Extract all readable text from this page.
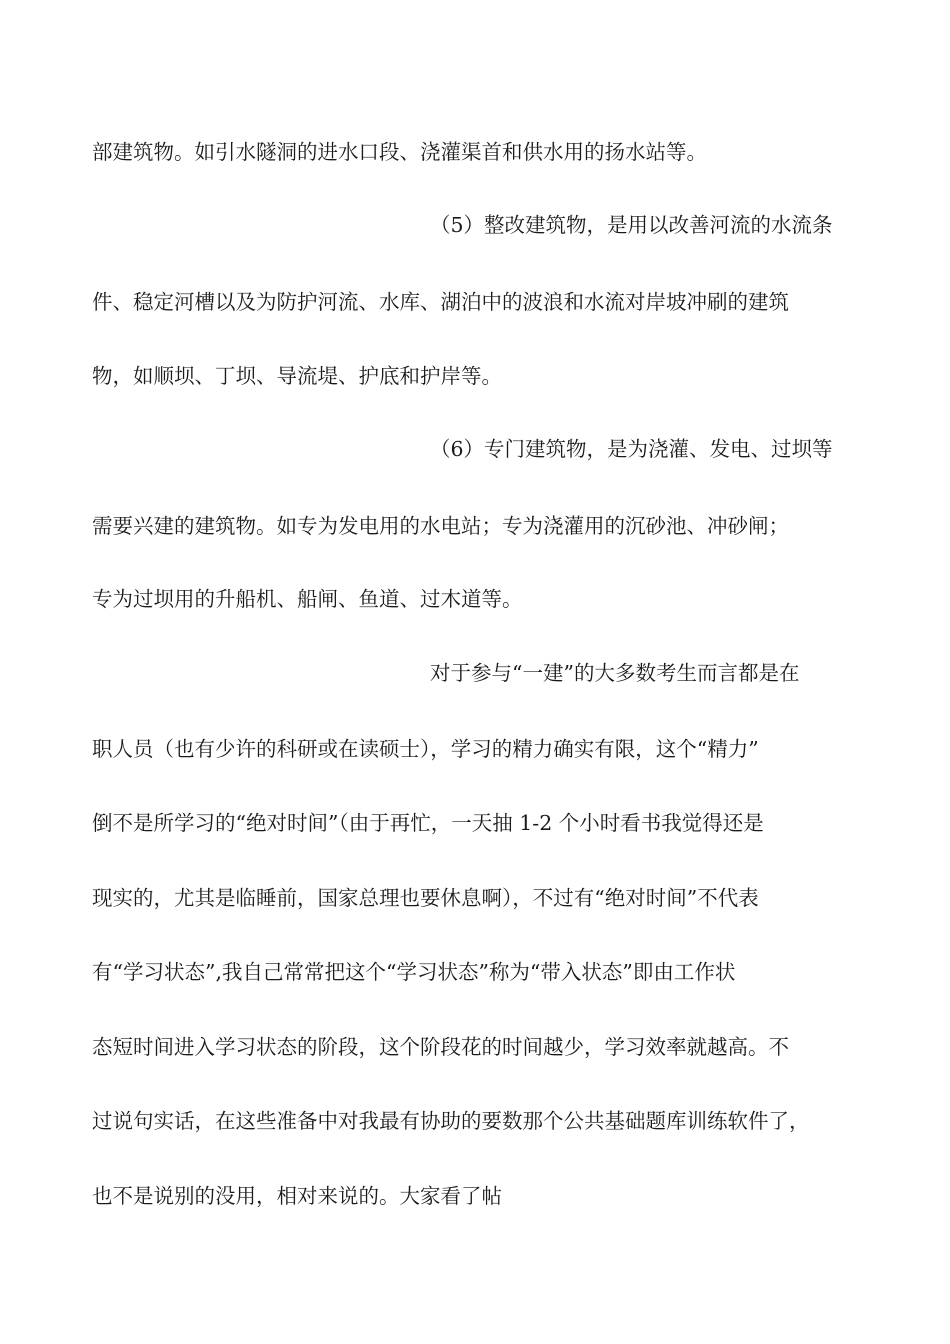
部建筑物。如引水隧洞的进水口段、浇灌渠首和供水用的扬水站等。
（5）整改建筑物，是用以改善河流的水流条
件、稳定河槽以及为防护河流、水库、湖泊中的波浪和水流对岸坡冲刷的建筑
物，如顺坝、丁坝、导流堤、护底和护岸等。
（6）专门建筑物，是为浇灌、发电、过坝等
需要兴建的建筑物。如专为发电用的水电站；专为浇灌用的沉砂池、冲砂闸；
专为过坝用的升船机、船闸、鱼道、过木道等。
对于参与“一建”的大多数考生而言都是在
职人员（也有少许的科研或在读硕士），学习的精力确实有限，这个“精力”
倒不是所学习的“绝对时间”（由于再忙，一天抽 1-2 个小时看书我觉得还是
现实的，尤其是临睡前，国家总理也要休息啊），不过有“绝对时间”不代表
有“学习状态”,我自己常常把这个“学习状态”称为“带入状态”即由工作状
态短时间进入学习状态的阶段，这个阶段花的时间越少，学习效率就越高。不
过说句实话，在这些准备中对我最有协助的要数那个公共基础题库训练软件了，
也不是说别的没用，相对来说的。大家看了帖
